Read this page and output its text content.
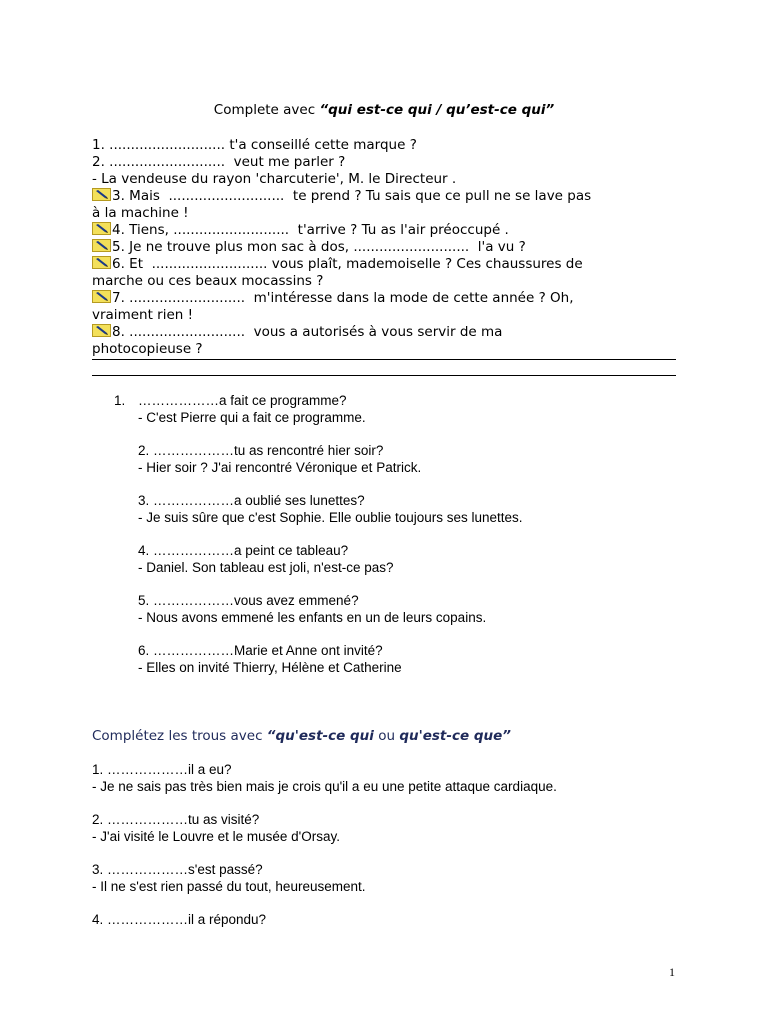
Complete avec “qui est-ce qui / qu’est-ce qui”
1. ........................... t'a conseillé cette marque ?
2. ...........................  veut me parler ?
- La vendeuse du rayon 'charcuterie', M. le Directeur .
3. Mais  ...........................  te prend ? Tu sais que ce pull ne se lave pas
à la machine !
4. Tiens, ...........................  t'arrive ? Tu as l'air préoccupé .
5. Je ne trouve plus mon sac à dos, ...........................  l'a vu ?
6. Et  ........................... vous plaît, mademoiselle ? Ces chaussures de
marche ou ces beaux mocassins ?
7. ...........................  m'intéresse dans la mode de cette année ? Oh,
vraiment rien !
8. ...........................  vous a autorisés à vous servir de ma
photocopieuse ?
1. ………………a fait ce programme?
- C'est Pierre qui a fait ce programme.
2. ………………tu as rencontré hier soir?
- Hier soir ? J'ai rencontré Véronique et Patrick.
3. ………………a oublié ses lunettes?
- Je suis sûre que c'est Sophie. Elle oublie toujours ses lunettes.
4. ………………a peint ce tableau?
- Daniel. Son tableau est joli, n'est-ce pas?
5. ………………vous avez emmené?
- Nous avons emmené les enfants en un de leurs copains.
6. ………………Marie et Anne ont invité?
- Elles on invité Thierry, Hélène et Catherine
Complétez les trous avec “qu'est-ce qui ou qu'est-ce que”
1. ………………il a eu?
- Je ne sais pas très bien mais je crois qu'il a eu une petite attaque cardiaque.
2. ………………tu as visité?
- J'ai visité le Louvre et le musée d'Orsay.
3. ………………s'est passé?
- Il ne s'est rien passé du tout, heureusement.
4. ………………il a répondu?
1
